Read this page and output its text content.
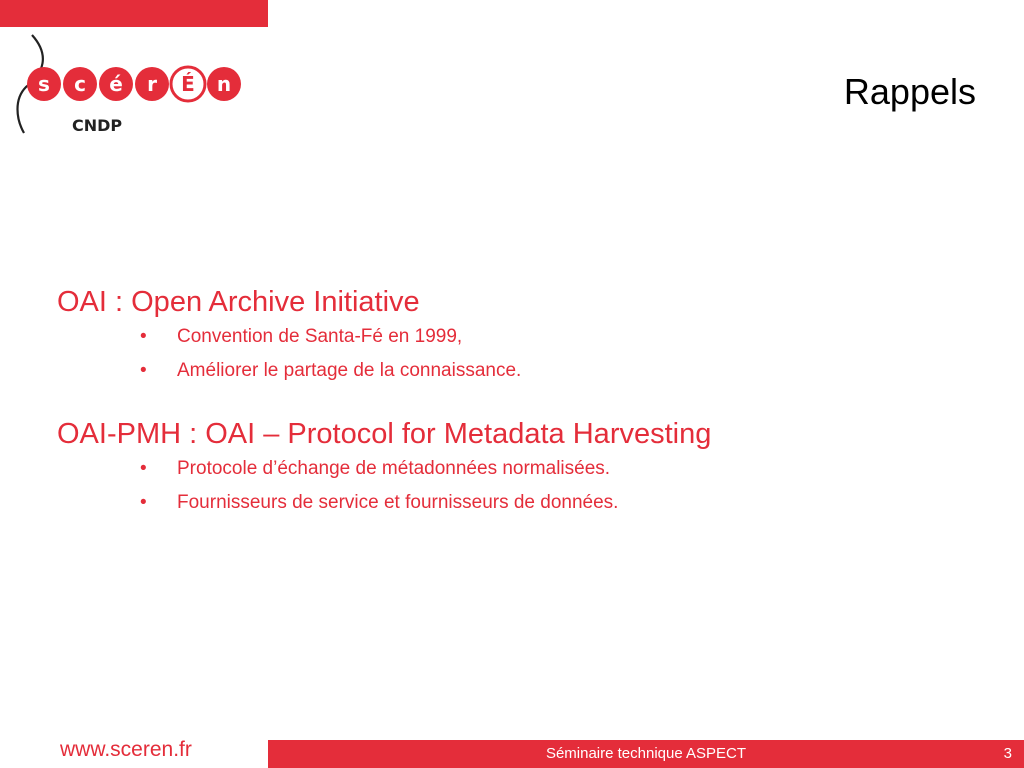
s c é r É n
CNDP
Rappels
OAI : Open Archive Initiative
• Convention de Santa-Fé en 1999,
• Améliorer le partage de la connaissance.
OAI-PMH : OAI – Protocol for Metadata Harvesting
• Protocole d’échange de métadonnées normalisées.
• Fournisseurs de service et fournisseurs de données.
www.sceren.fr	Séminaire technique ASPECT	3
